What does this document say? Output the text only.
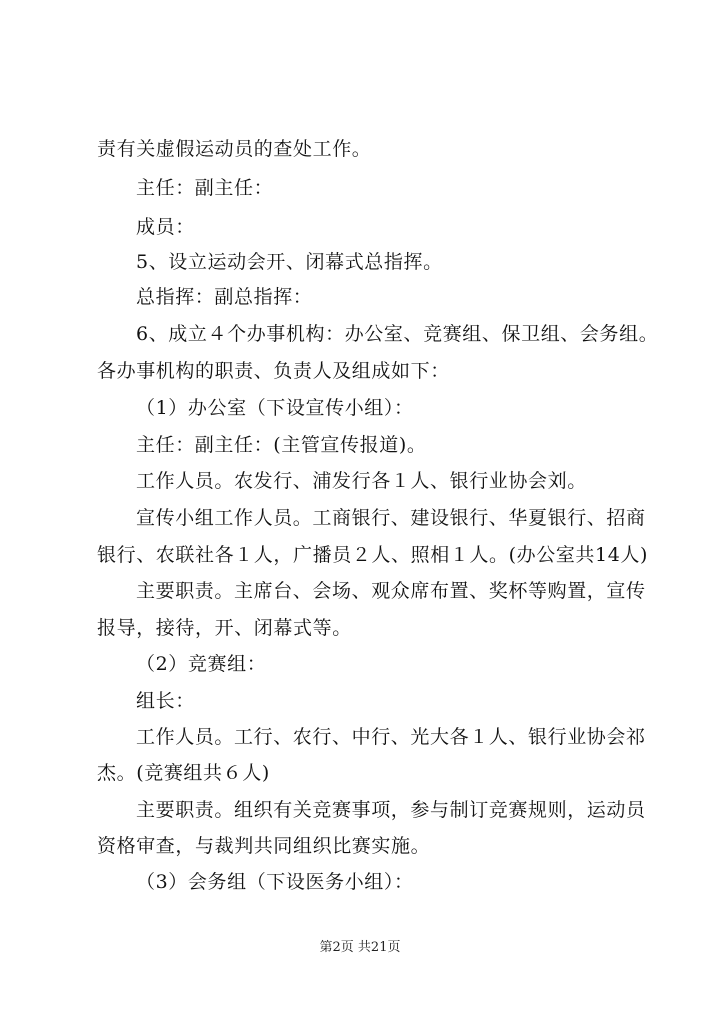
责有关虚假运动员的查处工作。
主任：副主任：
成员：
5、设立运动会开、闭幕式总指挥。
总指挥：副总指挥：
6、成立４个办事机构：办公室、竞赛组、保卫组、会务组。
各办事机构的职责、负责人及组成如下：
（1）办公室（下设宣传小组）：
主任：副主任：(主管宣传报道)。
工作人员。农发行、浦发行各１人、银行业协会刘。
宣传小组工作人员。工商银行、建设银行、华夏银行、招商
银行、农联社各１人，广播员２人、照相１人。(办公室共14人)
主要职责。主席台、会场、观众席布置、奖杯等购置，宣传
报导，接待，开、闭幕式等。
（2）竞赛组：
组长：
工作人员。工行、农行、中行、光大各１人、银行业协会祁
杰。(竞赛组共６人)
主要职责。组织有关竞赛事项，参与制订竞赛规则，运动员
资格审查，与裁判共同组织比赛实施。
（3）会务组（下设医务小组）：
第2页 共21页
